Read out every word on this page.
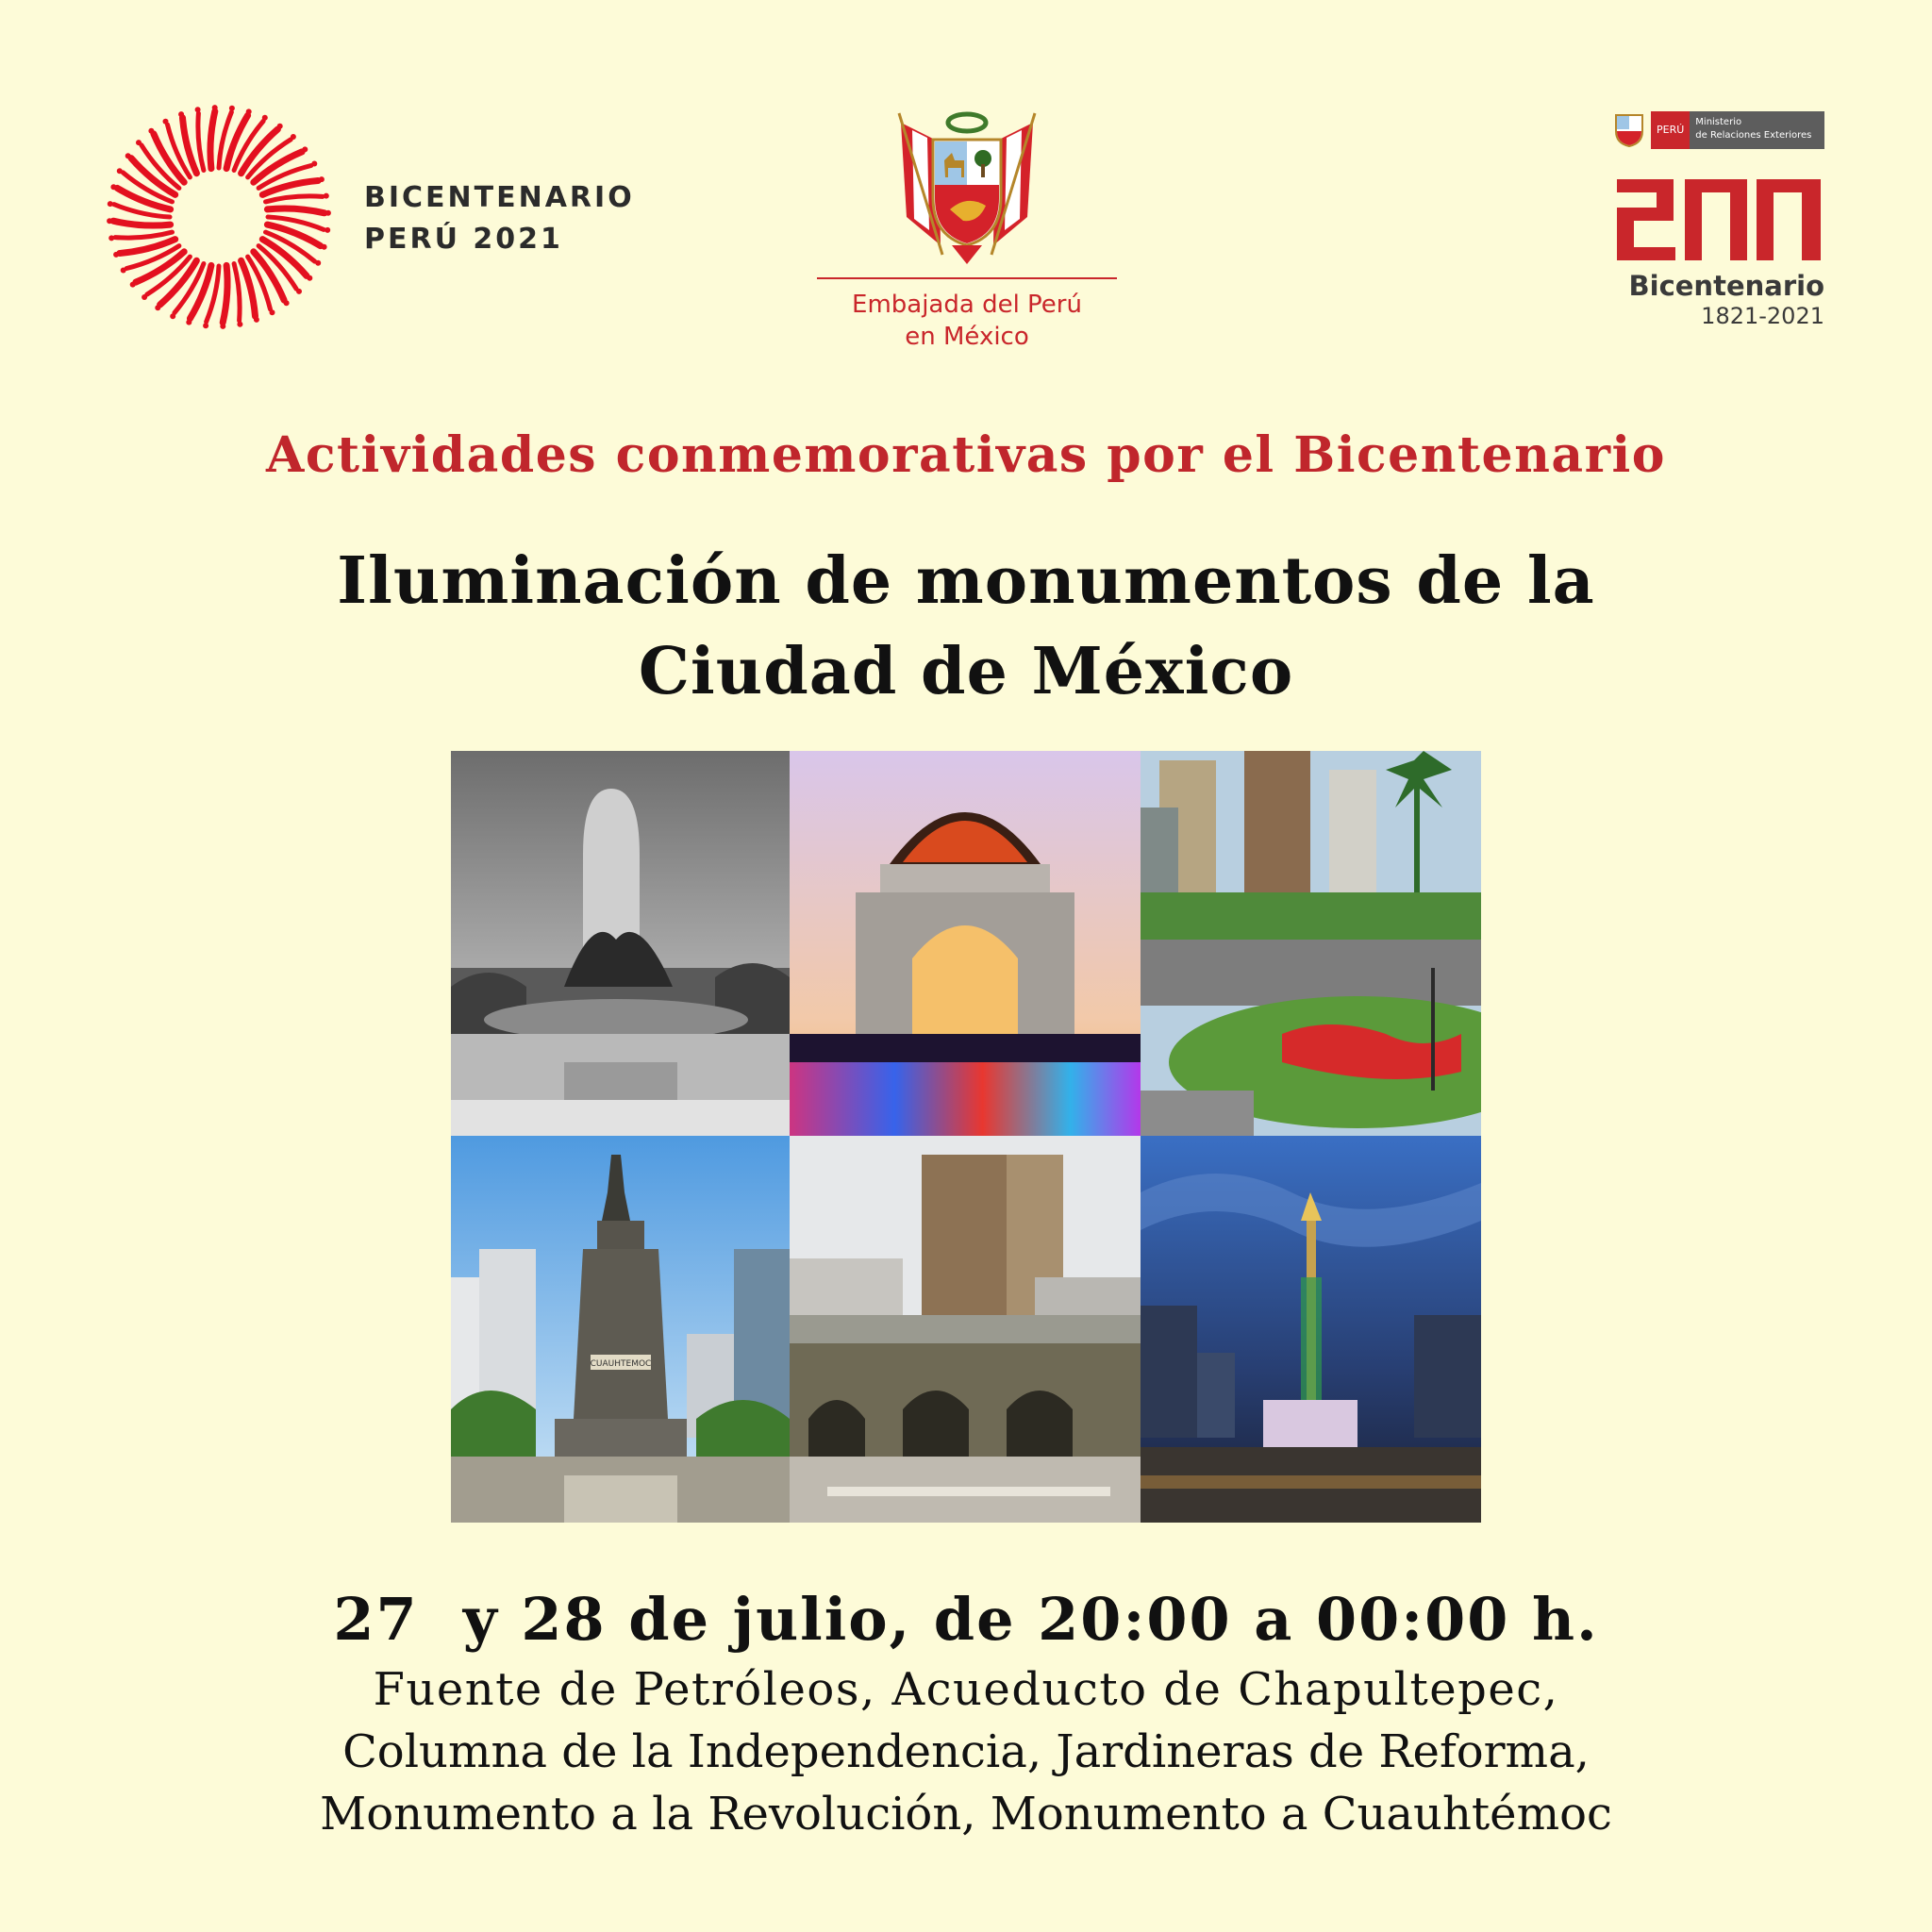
BICENTENARIO
PERÚ 2021
Embajada del Perú
en México
PERÚ
Ministerio
de Relaciones Exteriores
Bicentenario
1821-2021
Actividades conmemorativas por el Bicentenario
Iluminación de monumentos de la
Ciudad de México
CUAUHTEMOC
27  y 28 de julio, de 20:00 a 00:00 h.
Fuente de Petróleos, Acueducto de Chapultepec,
Columna de la Independencia, Jardineras de Reforma,
Monumento a la Revolución, Monumento a Cuauhtémoc
